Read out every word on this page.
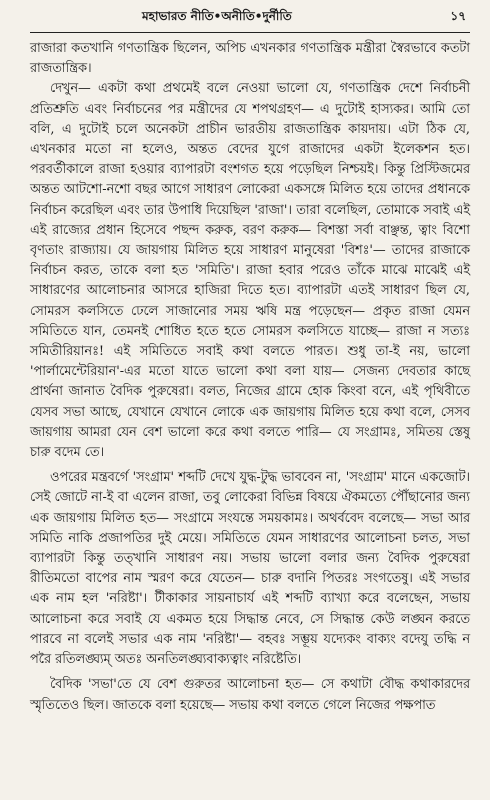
মহাভারত নীতি•অনীতি•দুর্নীতি	১৭

রাজারা কতখানি গণতান্ত্রিক ছিলেন, অপিচ এখনকার গণতান্ত্রিক মন্ত্রীরা স্বৈরভাবে কতটা রাজতান্ত্রিক।

দেখুন— একটা কথা প্রথমেই বলে নেওয়া ভালো যে, গণতান্ত্রিক দেশে নির্বাচনী প্রতিশ্রুতি এবং নির্বাচনের পর মন্ত্রীদের যে শপথগ্রহণ— এ দুটোই হাস্যকর। আমি তো বলি, এ দুটোই চলে অনেকটা প্রাচীন ভারতীয় রাজতান্ত্রিক কায়দায়। এটা ঠিক যে, এখনকার মতো না হলেও, অন্তত বেদের যুগে রাজাদের একটা ইলেকশন হত। পরবর্তীকালে রাজা হওয়ার ব্যাপারটা বংশগত হয়ে পড়েছিল নিশ্চয়ই। কিন্তু প্রিস্টিজমের অন্তত আটশো-নশো বছর আগে সাধারণ লোকেরা একসঙ্গে মিলিত হয়ে তাদের প্রধানকে নির্বাচন করেছিল এবং তার উপাধি দিয়েছিল 'রাজা'। তারা বলেছিল, তোমাকে সবাই এই এই রাজ্যের প্রধান হিসেবে পছন্দ করুক, বরণ করুক— বিশস্তা সর্বা বাঞ্ছন্ত, ত্বাং বিশো বৃণতাং রাজ্যায়। যে জায়গায় মিলিত হয়ে সাধারণ মানুষেরা 'বিশঃ'— তাদের রাজাকে নির্বাচন করত, তাকে বলা হত 'সমিতি'। রাজা হবার পরেও তাঁকে মাঝে মাঝেই এই সাধারণের আলোচনার আসরে হাজিরা দিতে হত। ব্যাপারটা এতই সাধারণ ছিল যে, সোমরস কলসিতে ঢেলে সাজানোর সময় ঋষি মন্ত্র পড়েছেন— প্রকৃত রাজা যেমন সমিতিতে যান, তেমনই শোধিত হতে হতে সোমরস কলসিতে যাচ্ছে— রাজা ন সত্যঃ সমিতীরিয়ানঃ! এই সমিতিতে সবাই কথা বলতে পারত। শুধু তা-ই নয়, ভালো 'পার্লামেন্টেরিয়ান'-এর মতো যাতে ভালো কথা বলা যায়— সেজন্য দেবতার কাছে প্রার্থনা জানাত বৈদিক পুরুষেরা। বলত, নিজের গ্রামে হোক কিংবা বনে, এই পৃথিবীতে যেসব সভা আছে, যেখানে যেখানে লোকে এক জায়গায় মিলিত হয়ে কথা বলে, সেসব জায়গায় আমরা যেন বেশ ভালো করে কথা বলতে পারি— যে সংগ্রামঃ, সমিতয় স্তেষু চারু বদেম তে।

ওপরের মন্ত্রবর্গে 'সংগ্রাম' শব্দটি দেখে যুদ্ধ-টুদ্ধ ভাববেন না, 'সংগ্রাম' মানে একজোট। সেই জোটে না-ই বা এলেন রাজা, তবু লোকেরা বিভিন্ন বিষয়ে ঐকমত্যে পৌঁছানোর জন্য এক জায়গায় মিলিত হত— সংগ্রামে সংযন্তে সময়কামঃ। অথর্ববেদ বলেছে— সভা আর সমিতি নাকি প্রজাপতির দুই মেয়ে। সমিতিতে যেমন সাধারণের আলোচনা চলত, সভা ব্যাপারটা কিন্তু তত্খানি সাধারণ নয়। সভায় ভালো বলার জন্য বৈদিক পুরুষেরা রীতিমতো বাপের নাম স্মরণ করে যেতেন— চারু বদানি পিতরঃ সংগতেষু। এই সভার এক নাম হল 'নরিষ্টা'। টীকাকার সায়নাচার্য এই শব্দটি ব্যাখ্যা করে বলেছেন, সভায় আলোচনা করে সবাই যে একমত হয়ে সিদ্ধান্ত নেবে, সে সিদ্ধান্ত কেউ লঙ্ঘন করতে পারবে না বলেই সভার এক নাম 'নরিষ্টা'— বহবঃ সম্ভূয় যদ্যেকং বাক্যং বদেযু তদ্ধি ন পরৈ রতিলঙ্ঘ্যম্ অতঃ অনতিলঙ্ঘ্যবাক্যত্বাং নরিষ্টেতি।

বৈদিক 'সভা'তে যে বেশ গুরুতর আলোচনা হত— সে কথাটা বৌদ্ধ কথাকারদের স্মৃতিতেও ছিল। জাতকে বলা হয়েছে— সভায় কথা বলতে গেলে নিজের পক্ষপাত
